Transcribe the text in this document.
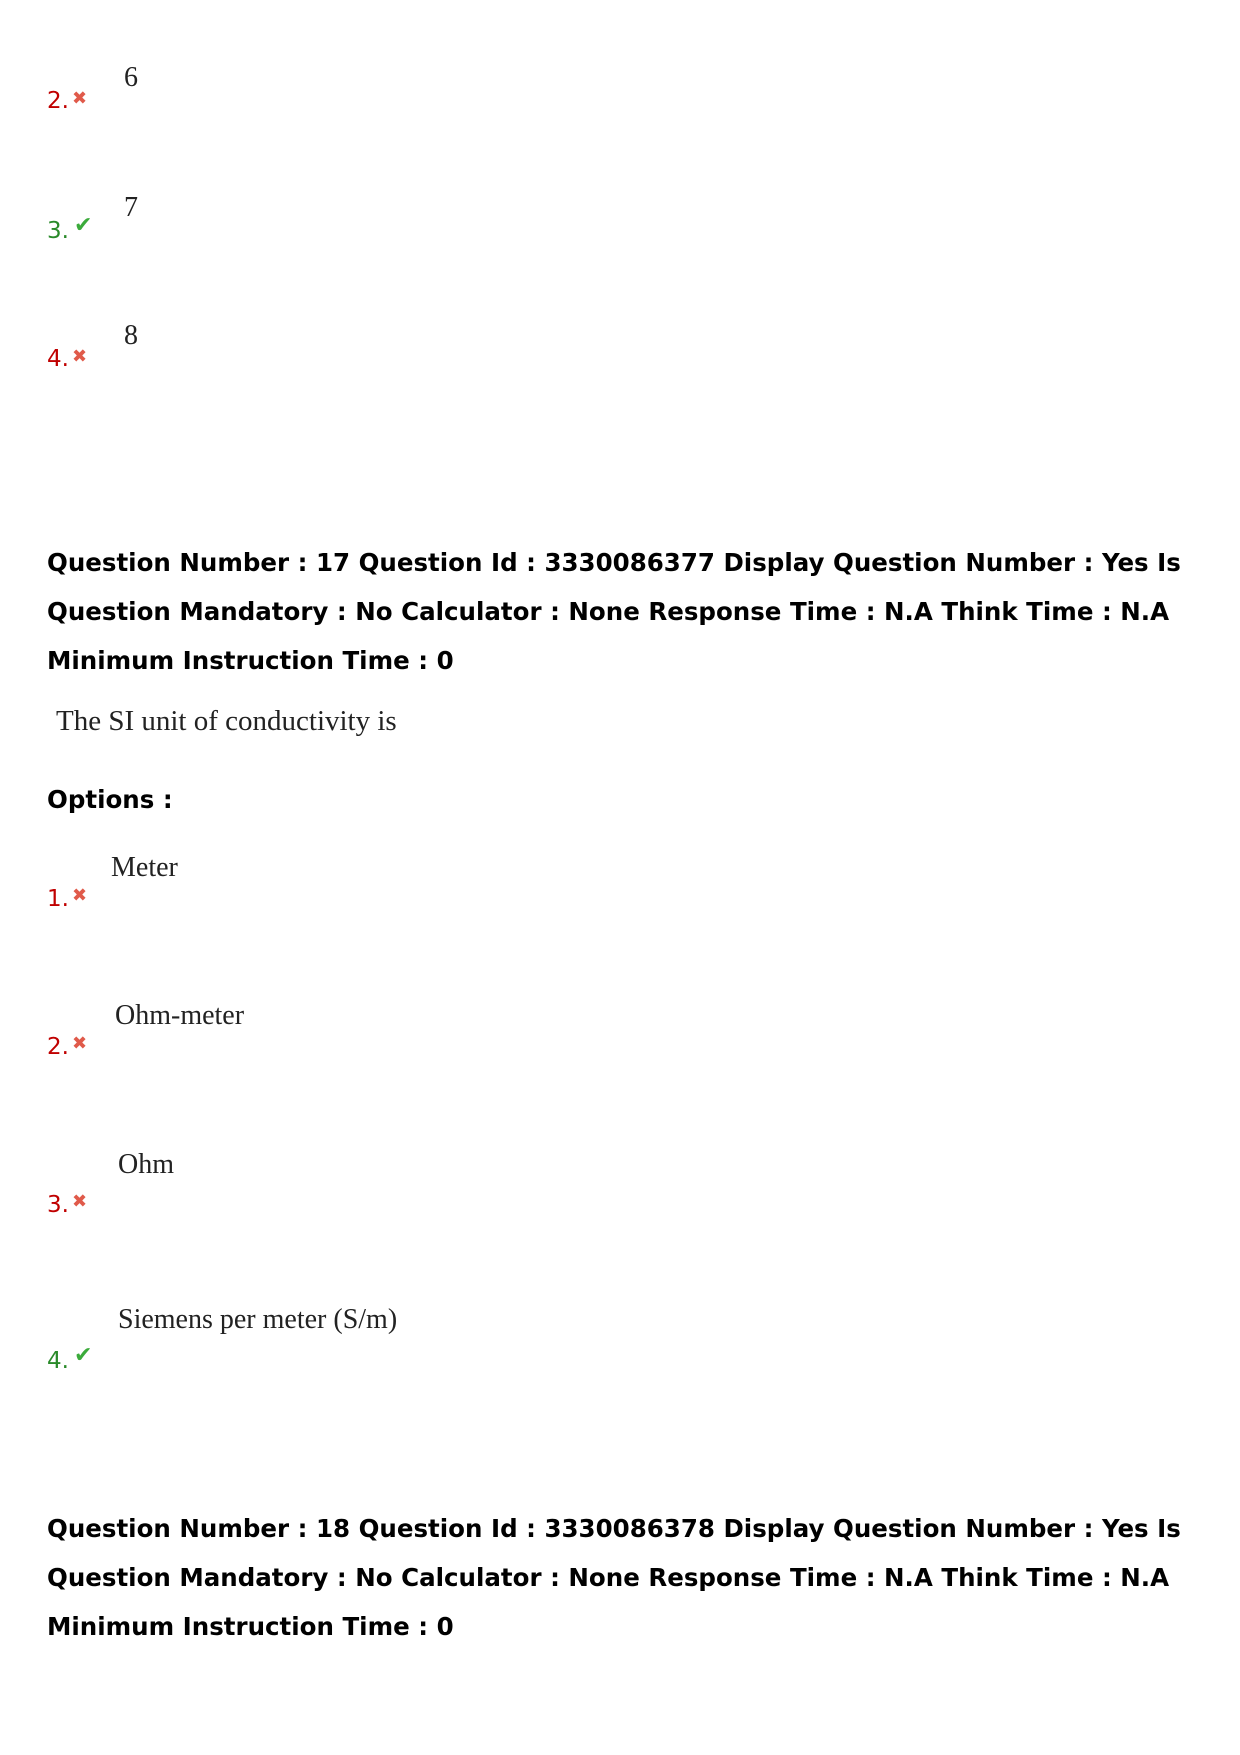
2. ✖
6
3. ✔
7
4. ✖
8
Question Number : 17 Question Id : 3330086377 Display Question Number : Yes Is Question Mandatory : No Calculator : None Response Time : N.A Think Time : N.A Minimum Instruction Time : 0
The SI unit of conductivity is
Options :
1. ✖
Meter
2. ✖
Ohm-meter
3. ✖
Ohm
4. ✔
Siemens per meter (S/m)
Question Number : 18 Question Id : 3330086378 Display Question Number : Yes Is Question Mandatory : No Calculator : None Response Time : N.A Think Time : N.A Minimum Instruction Time : 0
